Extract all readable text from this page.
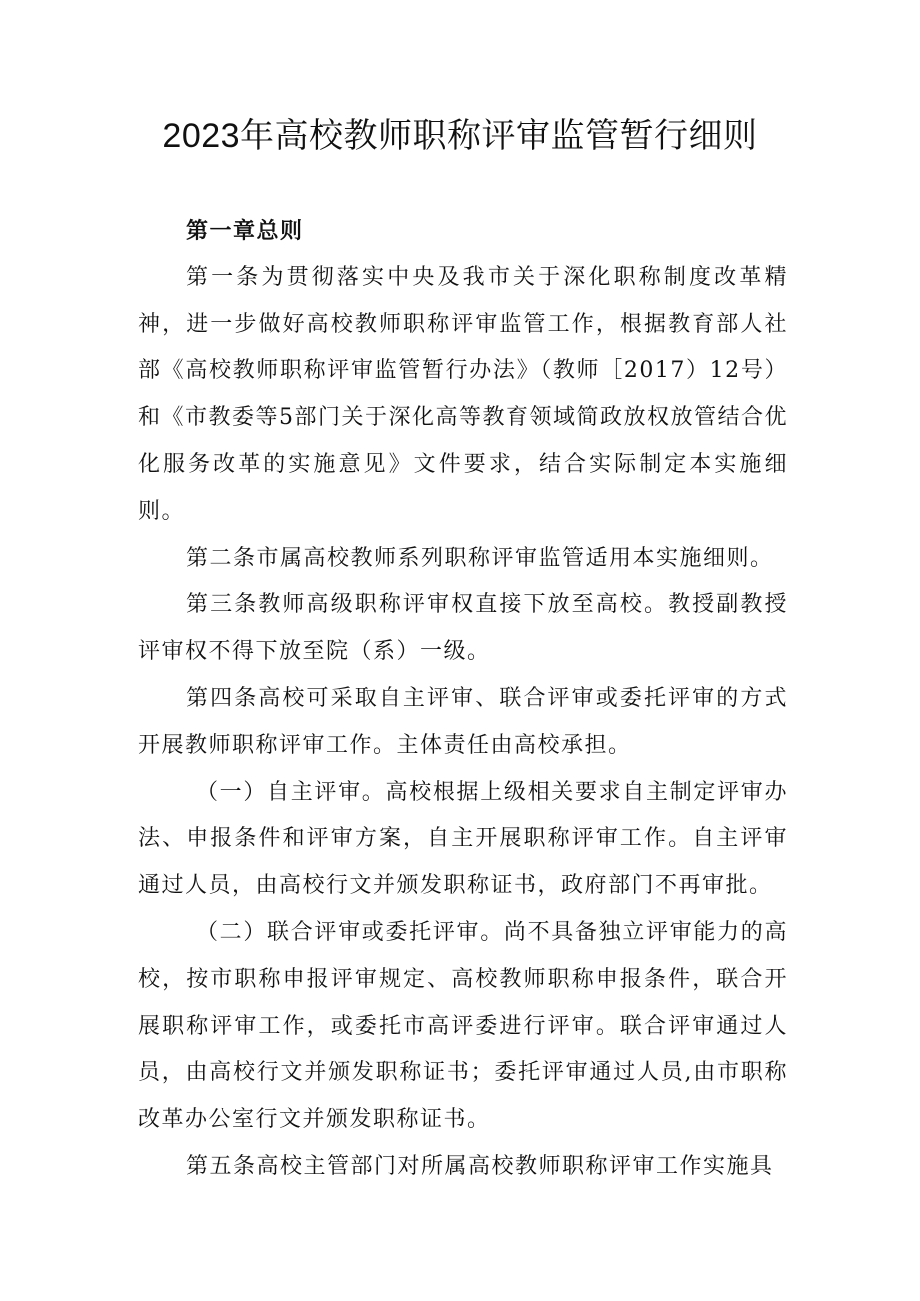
2023年高校教师职称评审监管暂行细则

第一章总则

第一条为贯彻落实中央及我市关于深化职称制度改革精神，进一步做好高校教师职称评审监管工作，根据教育部人社部《高校教师职称评审监管暂行办法》（教师［2017）12号）和《市教委等5部门关于深化高等教育领域简政放权放管结合优化服务改革的实施意见》文件要求，结合实际制定本实施细则。

第二条市属高校教师系列职称评审监管适用本实施细则。

第三条教师高级职称评审权直接下放至高校。教授副教授评审权不得下放至院（系）一级。

第四条高校可采取自主评审、联合评审或委托评审的方式开展教师职称评审工作。主体责任由高校承担。

（一）自主评审。高校根据上级相关要求自主制定评审办法、申报条件和评审方案，自主开展职称评审工作。自主评审通过人员，由高校行文并颁发职称证书，政府部门不再审批。

（二）联合评审或委托评审。尚不具备独立评审能力的高校，按市职称申报评审规定、高校教师职称申报条件，联合开展职称评审工作，或委托市高评委进行评审。联合评审通过人员，由高校行文并颁发职称证书；委托评审通过人员,由市职称改革办公室行文并颁发职称证书。

第五条高校主管部门对所属高校教师职称评审工作实施具
